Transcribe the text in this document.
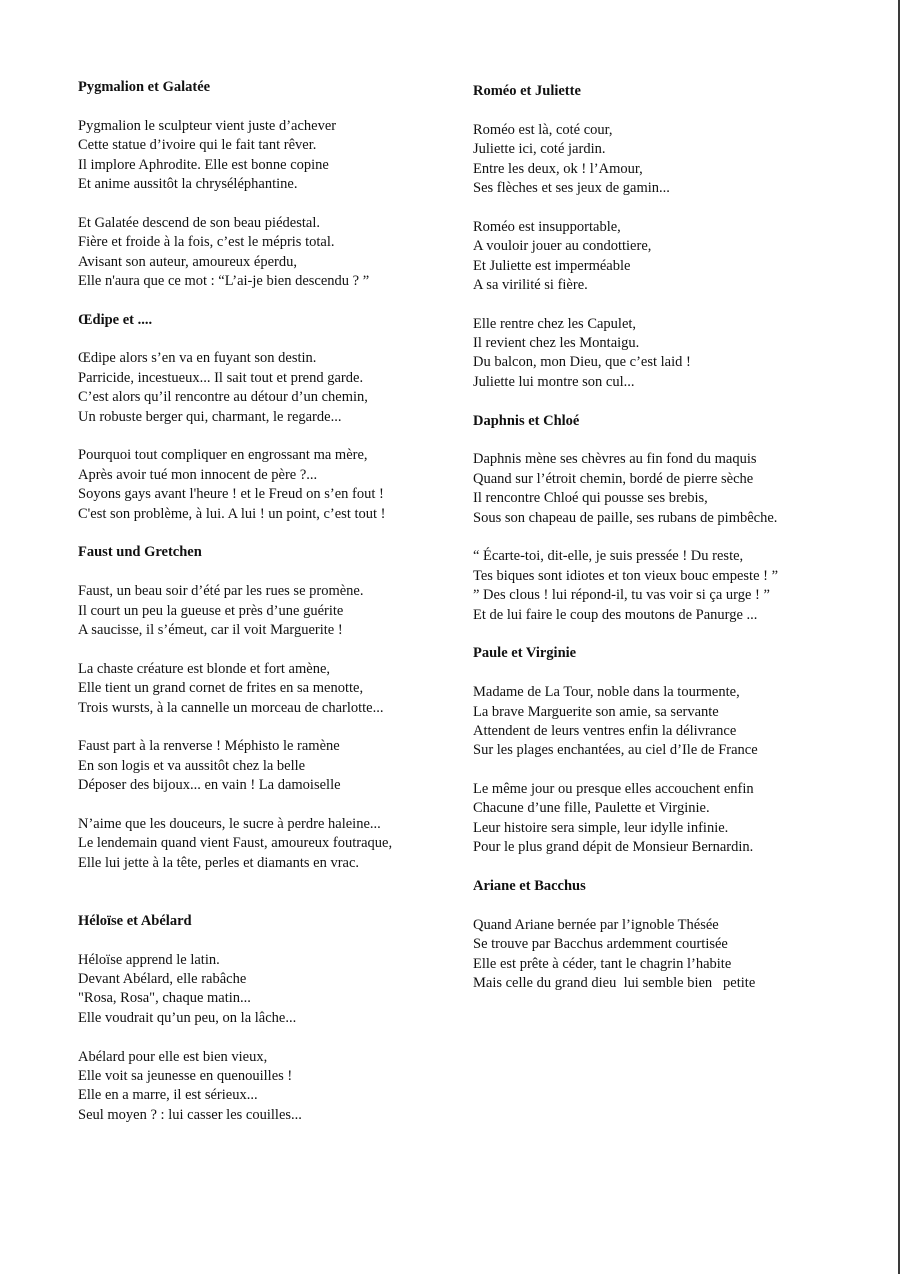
Pygmalion et Galatée
Pygmalion le sculpteur vient juste d’achever
Cette statue d’ivoire qui le fait tant rêver.
Il implore Aphrodite. Elle est bonne copine
Et anime aussitôt la chryséléphantine.
Et Galatée descend de son beau piédestal.
Fière et froide à la fois, c’est le mépris total.
Avisant son auteur, amoureux éperdu,
Elle n'aura que ce mot : “L’ai-je bien descendu ? ”
Œdipe et ....
Œdipe alors s’en va en fuyant son destin.
Parricide, incestueux... Il sait tout et prend garde.
C’est alors qu’il rencontre au détour d’un chemin,
Un robuste berger qui, charmant, le regarde...
Pourquoi tout compliquer en engrossant ma mère,
Après avoir tué mon innocent de père ?...
Soyons gays avant l'heure ! et le Freud on s’en fout !
C'est son problème, à lui. A lui ! un point, c’est tout !
Faust und Gretchen
Faust, un beau soir d’été par les rues se promène.
Il court un peu la gueuse et près d’une guérite
A saucisse, il s’émeut, car il voit Marguerite !
La chaste créature est blonde et fort amène,
Elle tient un grand cornet de frites en sa menotte,
Trois wursts, à la cannelle un morceau de charlotte...
Faust part à la renverse ! Méphisto le ramène
En son logis et va aussitôt chez la belle
Déposer des bijoux... en vain ! La damoiselle
N’aime que les douceurs, le sucre à perdre haleine...
Le lendemain quand vient Faust, amoureux foutraque,
Elle lui jette à la tête, perles et diamants en vrac.
Héloïse et Abélard
Héloïse apprend le latin.
Devant Abélard, elle rabâche
"Rosa, Rosa", chaque matin...
Elle voudrait qu’un peu, on la lâche...
Abélard pour elle est bien vieux,
Elle voit sa jeunesse en quenouilles !
Elle en a marre, il est sérieux...
Seul moyen ? : lui casser les couilles...
Roméo et Juliette
Roméo est là, coté cour,
Juliette ici, coté jardin.
Entre les deux, ok ! l’Amour,
Ses flèches et ses jeux de gamin...
Roméo est insupportable,
A vouloir jouer au condottiere,
Et Juliette est imperméable
A sa virilité si fière.
Elle rentre chez les Capulet,
Il revient chez les Montaigu.
Du balcon, mon Dieu, que c’est laid !
Juliette lui montre son cul...
Daphnis et Chloé
Daphnis mène ses chèvres au fin fond du maquis
Quand sur l’étroit chemin, bordé de pierre sèche
Il rencontre Chloé qui pousse ses brebis,
Sous son chapeau de paille, ses rubans de pimbêche.
“ Écarte-toi, dit-elle, je suis pressée ! Du reste,
Tes biques sont idiotes et ton vieux bouc empeste ! ”
” Des clous ! lui répond-il, tu vas voir si ça urge ! ”
Et de lui faire le coup des moutons de Panurge ...
Paule et Virginie
Madame de La Tour, noble dans la tourmente,
La brave Marguerite son amie, sa servante
Attendent de leurs ventres enfin la délivrance
Sur les plages enchantées, au ciel d’Ile de France
Le même jour ou presque elles accouchent enfin
Chacune d’une fille, Paulette et Virginie.
Leur histoire sera simple, leur idylle infinie.
Pour le plus grand dépit de Monsieur Bernardin.
Ariane et Bacchus
Quand Ariane bernée par l’ignoble Thésée
Se trouve par Bacchus ardemment courtisée
Elle est prête à céder, tant le chagrin l’habite
Mais celle du grand dieu  lui semble bien   petite
